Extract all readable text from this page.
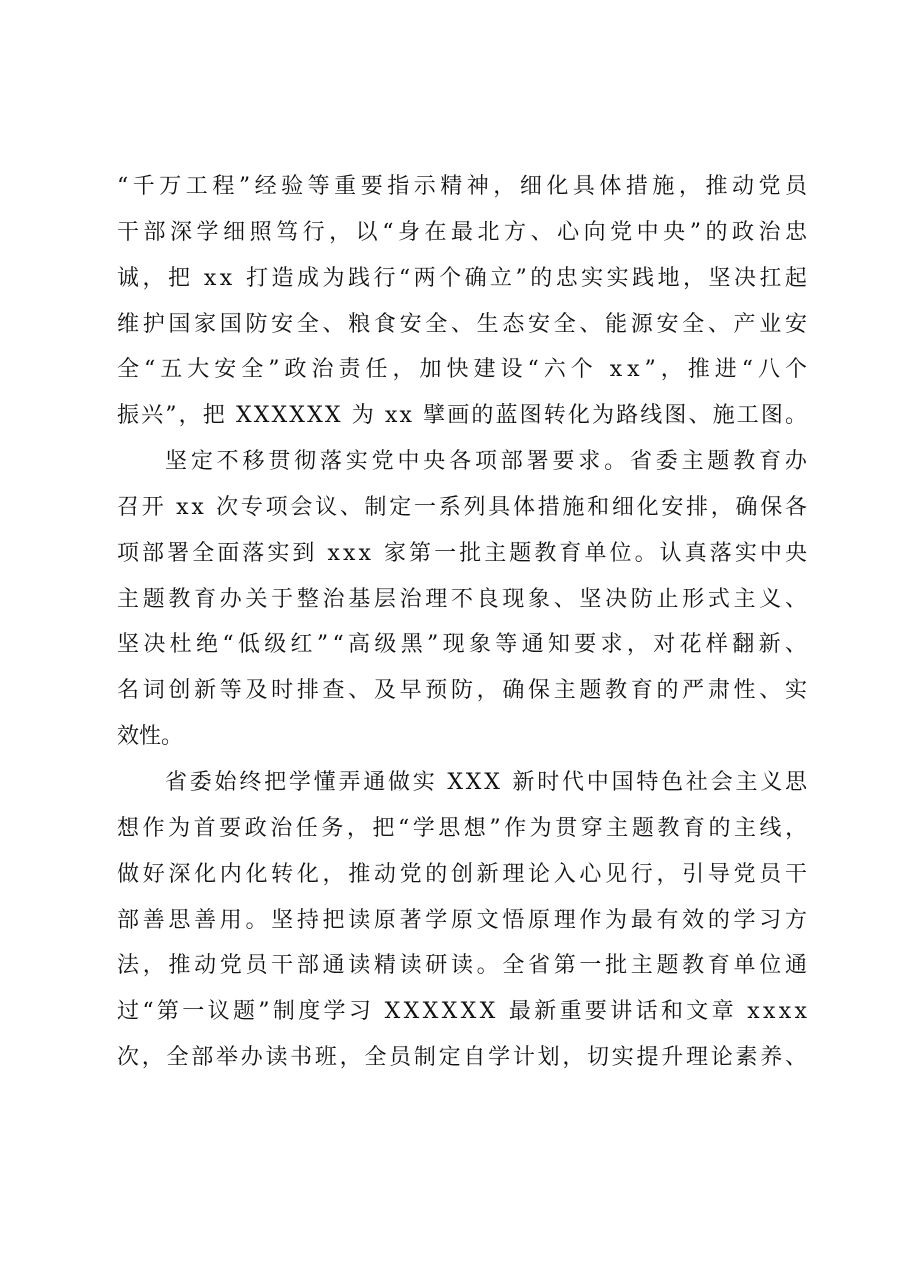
“千万工程”经验等重要指示精神，细化具体措施，推动党员
干部深学细照笃行，以“身在最北方、心向党中央”的政治忠
诚，把 xx 打造成为践行“两个确立”的忠实实践地，坚决扛起
维护国家国防安全、粮食安全、生态安全、能源安全、产业安
全“五大安全”政治责任，加快建设“六个 xx”，推进“八个
振兴”，把 XXXXXX 为 xx 擘画的蓝图转化为路线图、施工图。
坚定不移贯彻落实党中央各项部署要求。省委主题教育办
召开 xx 次专项会议、制定一系列具体措施和细化安排，确保各
项部署全面落实到 xxx 家第一批主题教育单位。认真落实中央
主题教育办关于整治基层治理不良现象、坚决防止形式主义、
坚决杜绝“低级红”“高级黑”现象等通知要求，对花样翻新、
名词创新等及时排查、及早预防，确保主题教育的严肃性、实
效性。
省委始终把学懂弄通做实 XXX 新时代中国特色社会主义思
想作为首要政治任务，把“学思想”作为贯穿主题教育的主线，
做好深化内化转化，推动党的创新理论入心见行，引导党员干
部善思善用。坚持把读原著学原文悟原理作为最有效的学习方
法，推动党员干部通读精读研读。全省第一批主题教育单位通
过“第一议题”制度学习 XXXXXX 最新重要讲话和文章 xxxx
次，全部举办读书班，全员制定自学计划，切实提升理论素养、
